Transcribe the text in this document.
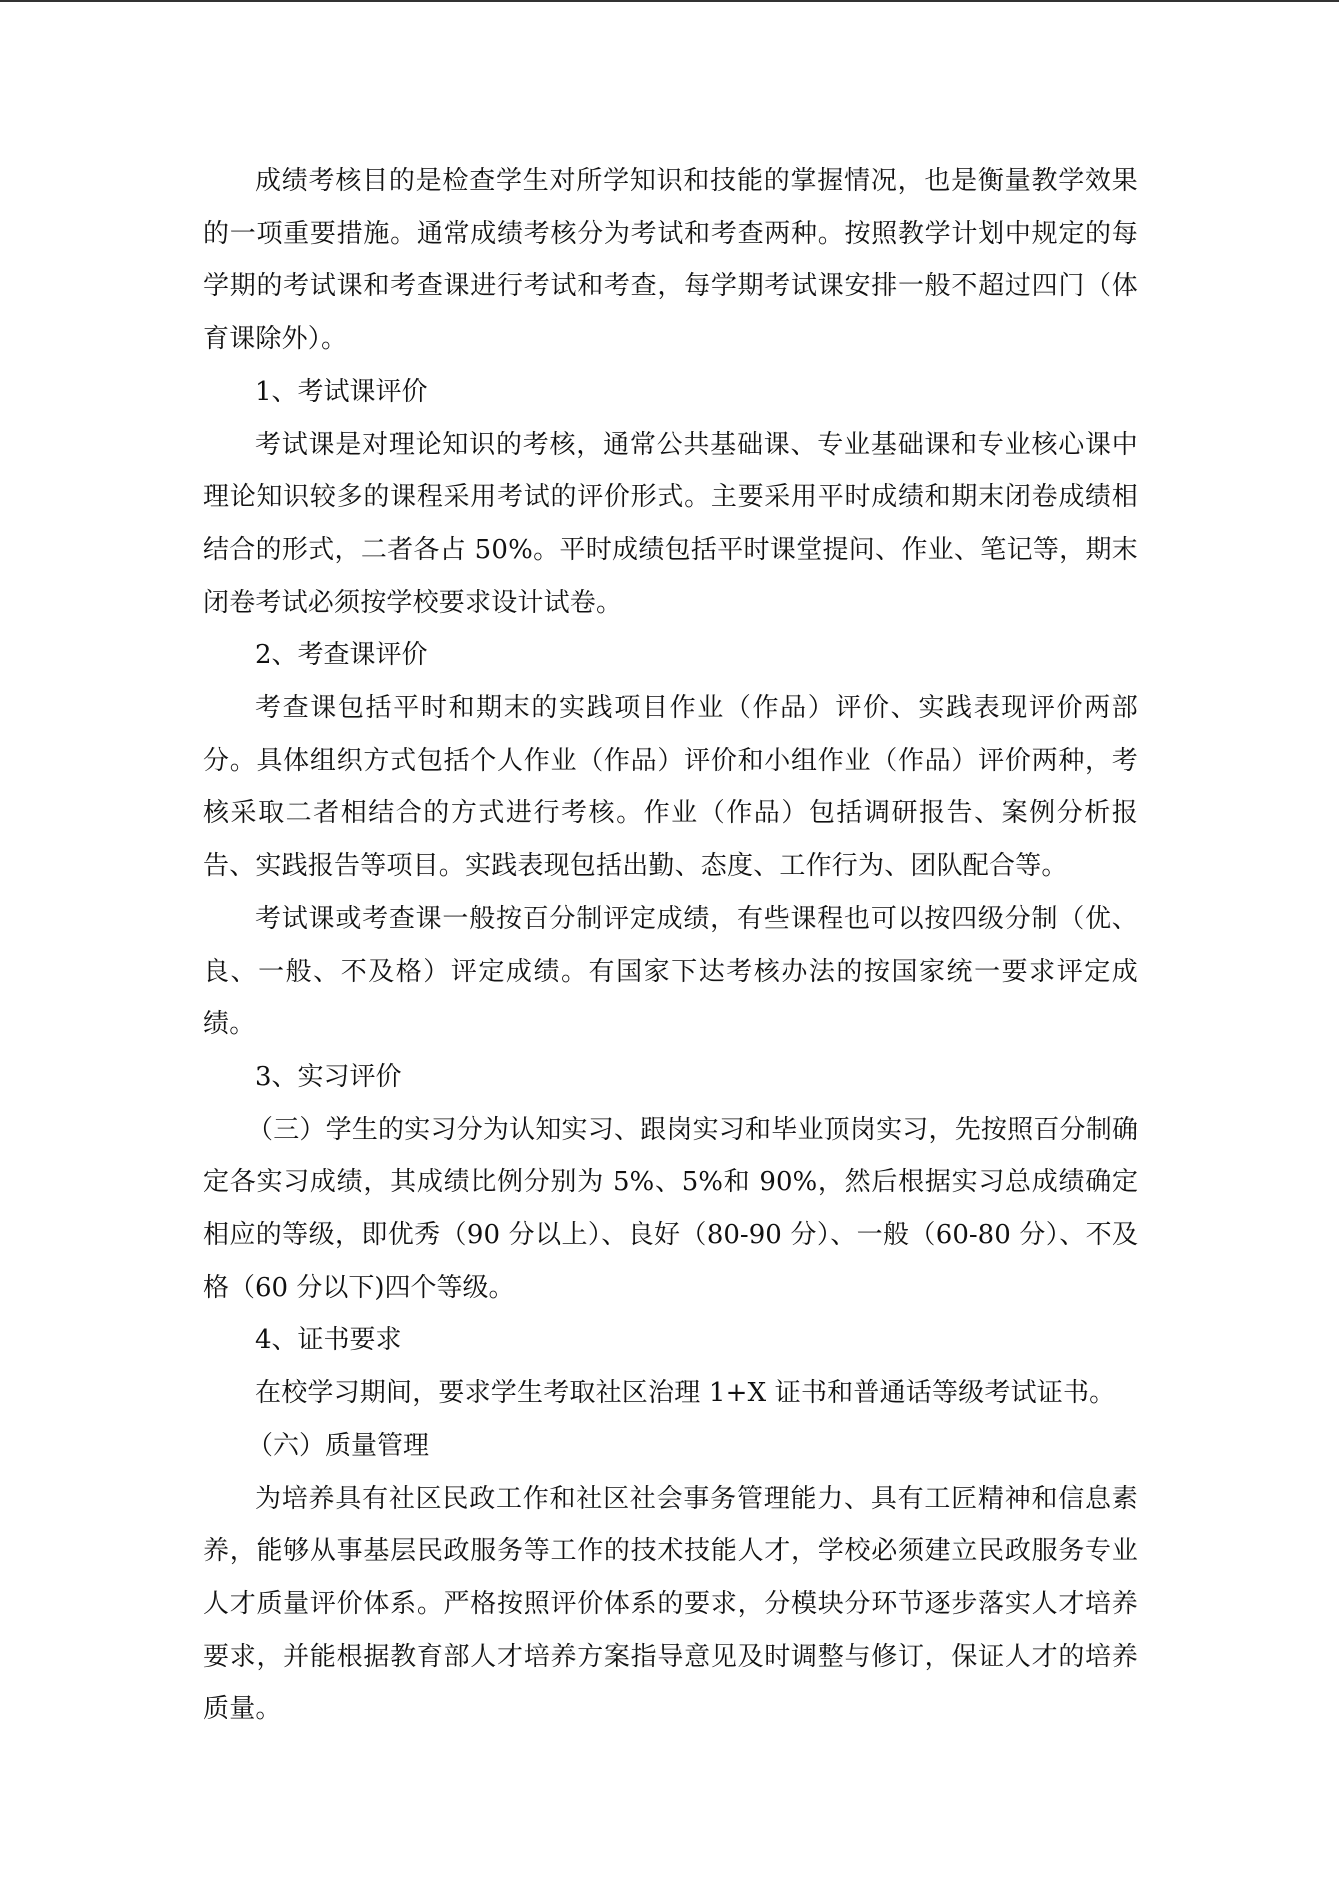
成绩考核目的是检查学生对所学知识和技能的掌握情况，也是衡量教学效果的一项重要措施。通常成绩考核分为考试和考查两种。按照教学计划中规定的每学期的考试课和考查课进行考试和考查，每学期考试课安排一般不超过四门（体育课除外）。

1、考试课评价

考试课是对理论知识的考核，通常公共基础课、专业基础课和专业核心课中理论知识较多的课程采用考试的评价形式。主要采用平时成绩和期末闭卷成绩相结合的形式，二者各占 50%。平时成绩包括平时课堂提问、作业、笔记等，期末闭卷考试必须按学校要求设计试卷。

2、考查课评价

考查课包括平时和期末的实践项目作业（作品）评价、实践表现评价两部分。具体组织方式包括个人作业（作品）评价和小组作业（作品）评价两种，考核采取二者相结合的方式进行考核。作业（作品）包括调研报告、案例分析报告、实践报告等项目。实践表现包括出勤、态度、工作行为、团队配合等。

考试课或考查课一般按百分制评定成绩，有些课程也可以按四级分制（优、良、一般、不及格）评定成绩。有国家下达考核办法的按国家统一要求评定成绩。

3、实习评价

（三）学生的实习分为认知实习、跟岗实习和毕业顶岗实习，先按照百分制确定各实习成绩，其成绩比例分别为 5%、5%和 90%，然后根据实习总成绩确定相应的等级，即优秀（90 分以上）、良好（80-90 分）、一般（60-80 分）、不及格（60 分以下)四个等级。

4、证书要求

在校学习期间，要求学生考取社区治理 1+X 证书和普通话等级考试证书。

（六）质量管理

为培养具有社区民政工作和社区社会事务管理能力、具有工匠精神和信息素养，能够从事基层民政服务等工作的技术技能人才，学校必须建立民政服务专业人才质量评价体系。严格按照评价体系的要求，分模块分环节逐步落实人才培养要求，并能根据教育部人才培养方案指导意见及时调整与修订，保证人才的培养质量。
